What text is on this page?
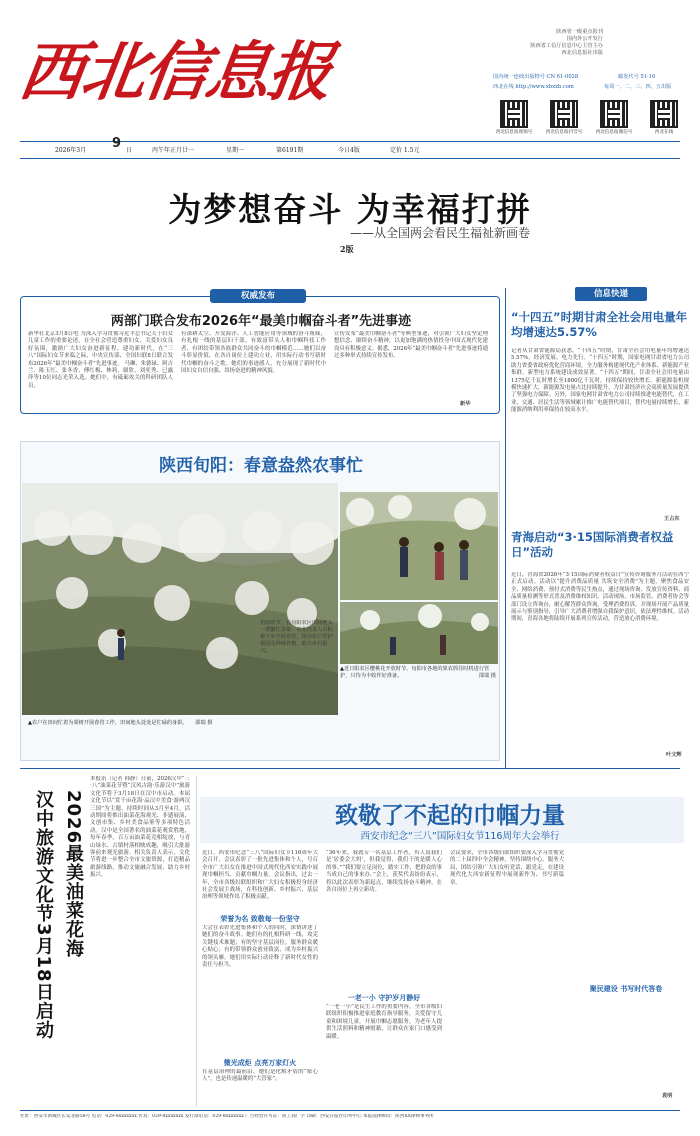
西北信息报
陕西省一级重点报刊
国内外公开发行
陕西省工信厅信息中心主管主办
西北信息报社出版
国内统一连续出版物号 CN 61-0028	邮发代号 51-16
西北在线 http://www.xbxxb.com	每周一、二、三、四、五出版
西北信息报视频号	西北信息报抖音号	西北信息报微信号	西北在线
2026年3月 9 日	丙午年正月廿一	星期一	第6191期	今日4版	定价 1.5元
为梦想奋斗 为幸福打拼
——从全国两会看民生福祉新画卷
2版
权威发布
两部门联合发布2026年“最美巾帼奋斗者”先进事迹
新华社北京3月8日电 为深入学习贯彻习近平总书记关于妇女儿童工作的重要论述，在全社会营造尊重妇女、关爱妇女良好氛围，激励广大妇女奋进新征程、建功新时代，在“三八”国际妇女节来临之际，中央宣传部、全国妇联8日联合发布2026年“最美巾帼奋斗者”先进事迹。 马琳、朱德禄、阿吉兰、陈玉红、张冬香、傅红梅、林莉、谢欣、刘奕秀、已露萍等10位同志光荣入选。她们中，有砥砺攻关的科研团队人员，
有深耕太空、开发海洋、人工智能应用等领域的奋斗姐妹，有扎根一线的基层妇干部，有致富带头人和巾帼科技工作者、有团结带领各族群众共同奋斗的巾帼模范……她们以奋斗彰显价值，在各自岗位上建功立业，用实际行动书写新时代巾帼的奋斗之歌。她们的事迹感人，充分展现了新时代中国妇女自信自强、昂扬奋进的精神风貌。
宣传发布“最美巾帼奋斗者”等典型事迹，对引领广大妇女坚定理想信念、赓续奋斗精神，以更加饱满的热情投身中国式现代化建设具有积极意义。据悉，2026年“最美巾帼奋斗者”先进事迹将通过多种形式持续宣传发布。
新华
陕西旬阳：春意盎然农事忙
▲近日阳农区樱桃花开放时节，旬阳市各地的果农抓住时机进行管护，只待为丰收作好准备。	邵瑞 摄
初春时节，在旬阳农区田间地头一派繁忙景象，农业技术人员积极下乡开展春管，指导农户管护果园及种植作物，助力乡村振兴。
▲农户在田间忙着为果树开展春管工作，田间地头处处是忙碌的身影。 邵瑞 摄
信息快递
“十四五”时期甘肃全社会用电量年均增速达5.57%
记者从甘肃省能源局获悉，“十四五”时期，甘肃全社会用电量年均增速达5.57%。经济发展、电力先行。“十四五”时期，国家电网甘肃省电力公司助力省委省政府优化营商环境，全力服务构建现代化产业体系、新能源产业集群，新型电力系统建设成效显著。“十四五”期间，甘肃全社会用电量由1375亿千瓦时增长至1800亿千瓦时，持续保持较快增长。新能源装机规模快速扩大，新能源发电量占比持续提升，为甘肃经济社会高质量发展提供了坚强电力保障。另外，国家电网甘肃省电力公司持续推进电能替代，在工业、交通、居民生活等领域累计推广电能替代项目，替代电量持续增长，新能源消纳利用率保持在较高水平。
王占东
青海启动“3·15国际消费者权益日”活动
近日，青海省2026年“3·15国际消费者权益日”宣传咨询服务月活动在西宁正式启动。活动以“提升消费品质量 共筑安全消费”为主题，聚焦食品安全、网络消费、预付式消费等民生热点，通过现场咨询、发放宣传资料、商品质量检测等形式普及消费维权知识。活动现场，市场监管、消费者协会等部门设立咨询台，耐心解答群众咨询，受理消费投诉，并现场开展产品质量展示与鉴别指导，引导广大消费者增强自我保护意识，依法理性维权。活动期间，青海各地将陆续开展系列宣传活动，营造放心消费环境。
叶文辉
汉中旅游文化节3月18日启动 2026最美油菜花海
本报讯（记者 韩静）日前，2026汉中“三·八”油菜花节暨“汉风古韵·乐游汉中”旅游文化节将于3月18日在汉中市启动。本届文化节以“赏千亩花海·品汉中美食·游两汉三国”为主题，持续时间从3月至4月，活动期间将推出油菜花海观光、非遗展演、文创市集、乡村美食品鉴等多项特色活动。汉中是全国著名的油菜花观赏胜地，每年春季，百万亩油菜花竞相绽放，与青山绿水、古镇村落相映成趣，吸引大批游客前来观光旅游。相关负责人表示，文化节将进一步整合全市文旅资源，打造精品旅游线路，推动文旅融合发展，助力乡村振兴。
致敬了不起的巾帼力量
西安市纪念“三八”国际妇女节116周年大会举行
近日，西安市纪念“三八”国际妇女节116周年大会召开，会议表彰了一批先进集体和个人，号召全市广大妇女在推进中国式现代化西安实践中展现巾帼担当、贡献巾帼力量。会议指出，过去一年，全市各级妇联组织和广大妇女积极投身经济社会发展主战场，在科技创新、乡村振兴、基层治理等领域作出了积极贡献。
荣誉为名 致敬每一份坚守
大会在表彰先进集体和个人的同时，深情讲述了她们的奋斗故事。她们有的扎根科研一线，攻克关键技术难题；有的坚守基层岗位，服务群众暖心贴心；有的带领群众创业致富，成为乡村振兴的领头雁。她们用实际行动诠释了新时代女性的责任与担当。
微光成炬 点亮万家灯火
在基层治理的最前沿，她们是化解矛盾的“贴心人”，也是传递温暖的“大管家”。
“36年来，我就专一名基层工作者，有人说我们是‘居委会大妈’，但我觉得，我们干的是暖人心的事。”“我们要立足岗位，踏实工作，把群众的事当成自己的事来办。”会上，获奖代表纷纷表示，将以此次表彰为新起点，继续发扬奋斗精神，在各自岗位上再立新功。
一老一小 守护岁月静好
“一老一小”是民生工作的重要内容。全市各级妇联组织积极推进家庭教育指导服务，关爱留守儿童和困境儿童，开展巾帼志愿服务，为老年人提供生活照料和精神慰藉，让群众在家门口感受到温暖。
会议要求，全市各级妇联组织要深入学习贯彻党的二十届四中全会精神，坚持围绕中心、服务大局，团结引领广大妇女听党话、跟党走，在建设现代化大西安新征程中展现新作为、书写新篇章。
聚民建设 书写时代答卷
袁明
社址：西安市新城区长安北路58号 电话：029-8xxxxxxx 传真：029-8xxxxxxx 发行部电话：029-8xxxxxxx 广告经营许可证：陕工商广字 印刷：西安日报社印务中心 本报法律顾问：陕西XX律师事务所
